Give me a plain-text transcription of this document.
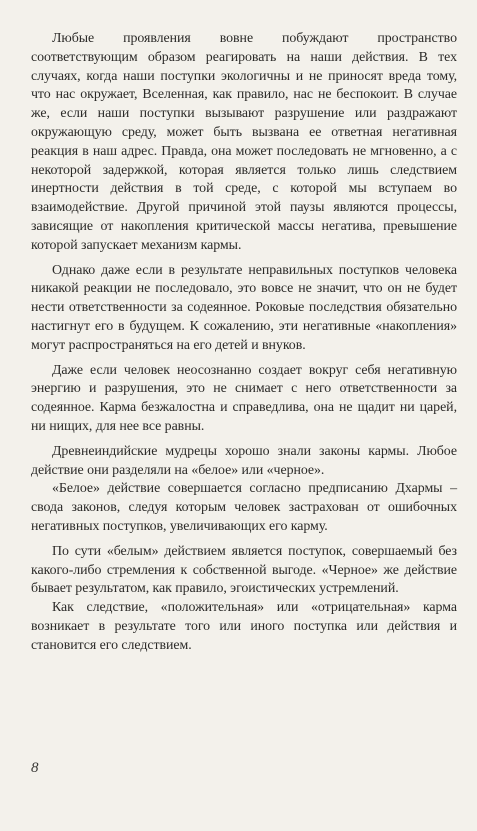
Любые проявления вовне побуждают пространство соответствующим образом реагировать на наши действия. В тех случаях, когда наши поступки экологичны и не приносят вреда тому, что нас окружает, Вселенная, как правило, нас не беспокоит. В случае же, если наши поступки вызывают разрушение или раздражают окружающую среду, может быть вызвана ее ответная негативная реакция в наш адрес. Правда, она может последовать не мгновенно, а с некоторой задержкой, которая является только лишь следствием инертности действия в той среде, с которой мы вступаем во взаимодействие. Другой причиной этой паузы являются процессы, зависящие от накопления критической массы негатива, превышение которой запускает механизм кармы.

Однако даже если в результате неправильных поступков человека никакой реакции не последовало, это вовсе не значит, что он не будет нести ответственности за содеянное. Роковые последствия обязательно настигнут его в будущем. К сожалению, эти негативные «накопления» могут распространяться на его детей и внуков.

Даже если человек неосознанно создает вокруг себя негативную энергию и разрушения, это не снимает с него ответственности за содеянное. Карма безжалостна и справедлива, она не щадит ни царей, ни нищих, для нее все равны.

Древнеиндийские мудрецы хорошо знали законы кармы. Любое действие они разделяли на «белое» или «черное».

«Белое» действие совершается согласно предписанию Дхармы – свода законов, следуя которым человек застрахован от ошибочных негативных поступков, увеличивающих его карму.

По сути «белым» действием является поступок, совершаемый без какого-либо стремления к собственной выгоде. «Черное» же действие бывает результатом, как правило, эгоистических устремлений.

Как следствие, «положительная» или «отрицательная» карма возникает в результате того или иного поступка или действия и становится его следствием.

8
